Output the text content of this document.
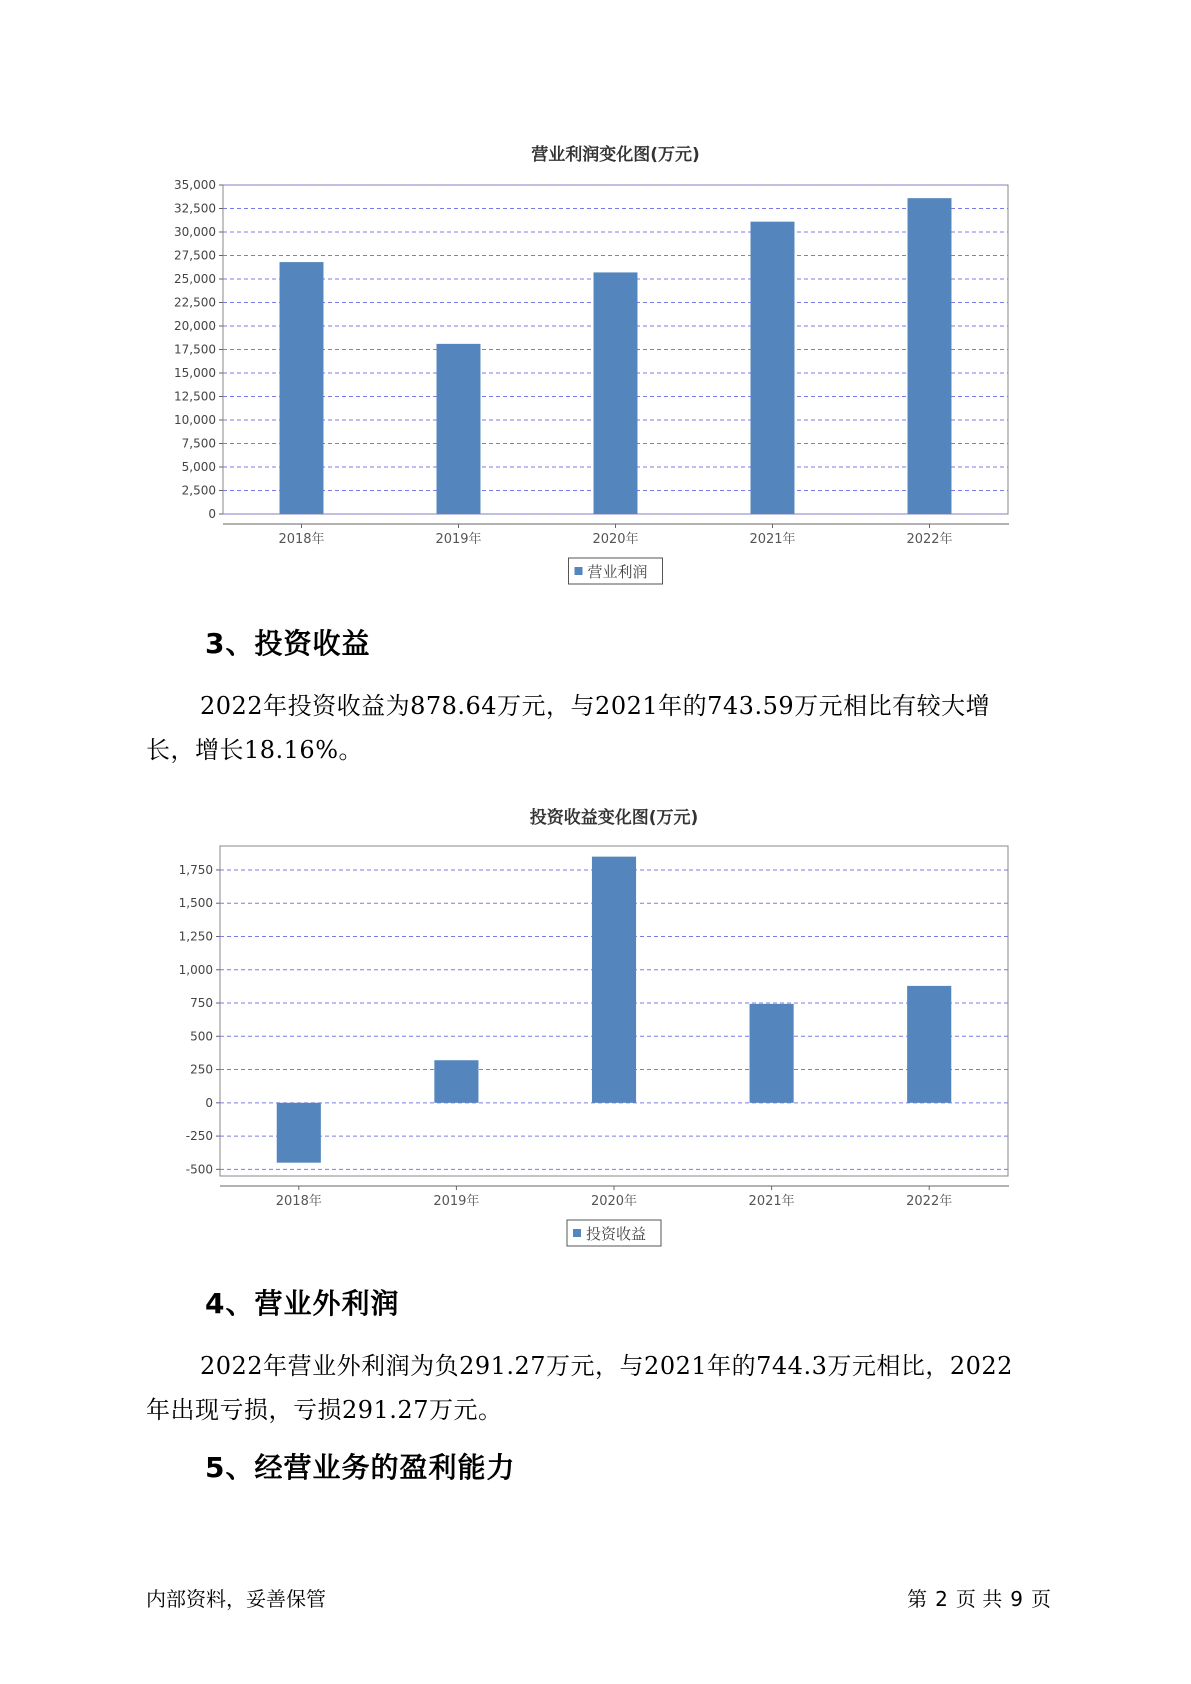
营业利润变化图(万元)
0
2,500
5,000
7,500
10,000
12,500
15,000
17,500
20,000
22,500
25,000
27,500
30,000
32,500
35,000
2018年	2019年	2020年	2021年	2022年
营业利润
3、投资收益

2022年投资收益为878.64万元，与2021年的743.59万元相比有较大增
长，增长18.16%。

投资收益变化图(万元)
-500
-250
0
250
500
750
1,000
1,250
1,500
1,750
2018年	2019年	2020年	2021年	2022年
投资收益
4、营业外利润

2022年营业外利润为负291.27万元，与2021年的744.3万元相比，2022
年出现亏损，亏损291.27万元。

5、经营业务的盈利能力
内部资料，妥善保管	第 2 页 共 9 页
